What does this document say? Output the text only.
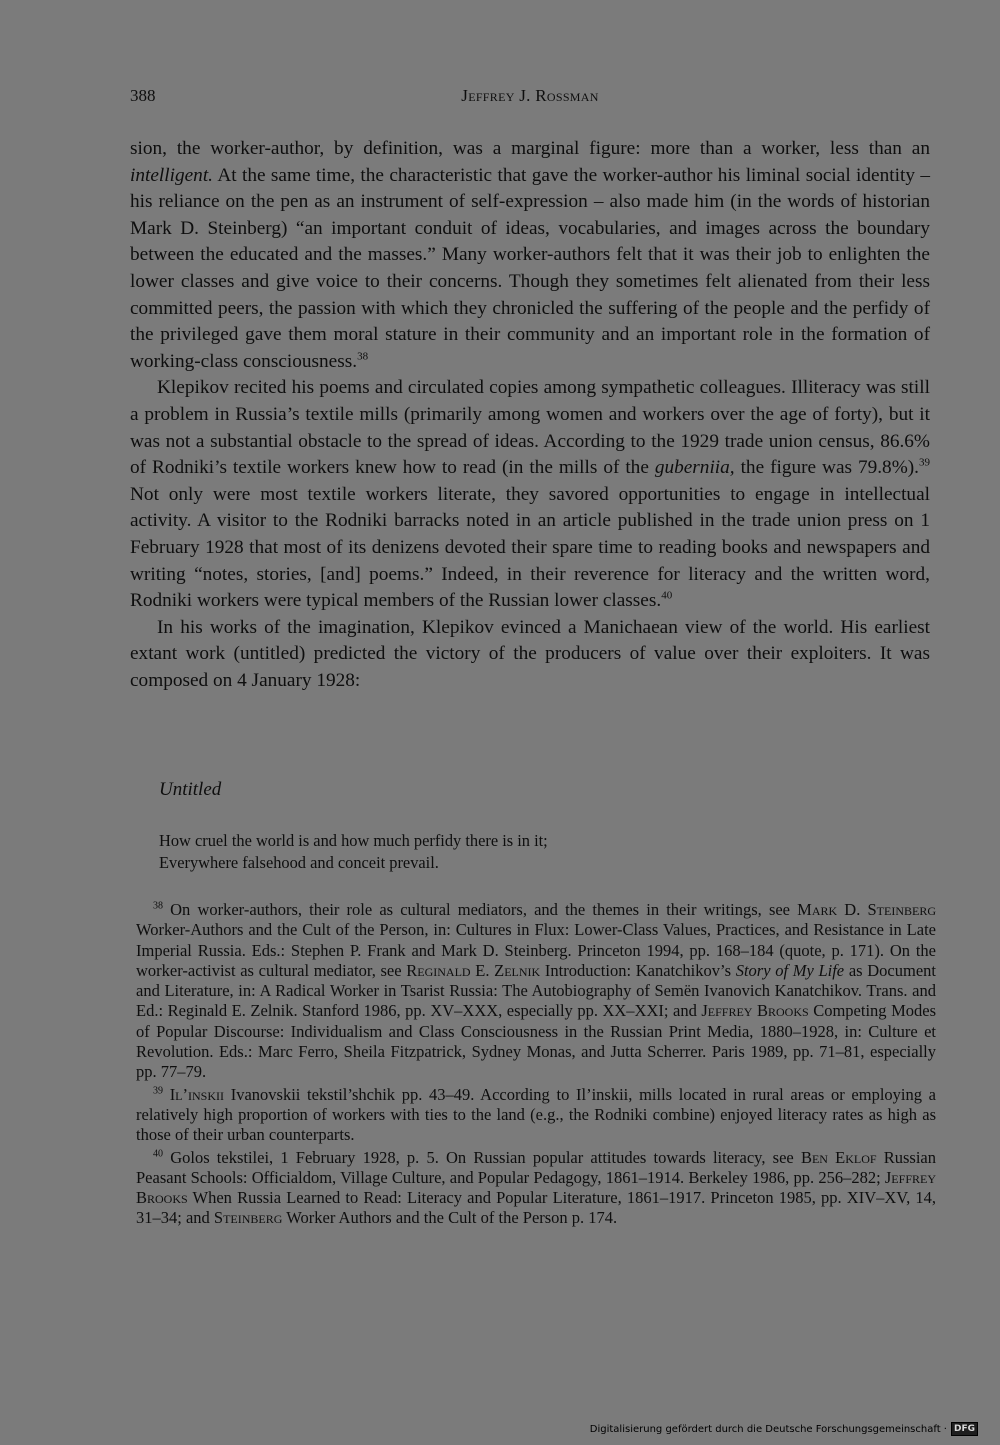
388	Jeffrey J. Rossman

sion, the worker-author, by definition, was a marginal figure: more than a worker, less than an intelligent. At the same time, the characteristic that gave the worker-author his liminal social identity – his reliance on the pen as an instrument of self-expression – also made him (in the words of historian Mark D. Steinberg) “an important conduit of ideas, vocabularies, and images across the boundary between the educated and the masses.” Many worker-authors felt that it was their job to enlighten the lower classes and give voice to their concerns. Though they sometimes felt alienated from their less committed peers, the passion with which they chronicled the suffering of the people and the perfidy of the privileged gave them moral stature in their community and an important role in the formation of working-class consciousness.$^{38}$

Klepikov recited his poems and circulated copies among sympathetic colleagues. Illiteracy was still a problem in Russia’s textile mills (primarily among women and workers over the age of forty), but it was not a substantial obstacle to the spread of ideas. According to the 1929 trade union census, 86.6% of Rodniki’s textile workers knew how to read (in the mills of the guberniia, the figure was 79.8%).$^{39}$ Not only were most textile workers literate, they savored opportunities to engage in intellectual activity. A visitor to the Rodniki barracks noted in an article published in the trade union press on 1 February 1928 that most of its denizens devoted their spare time to reading books and newspapers and writing “notes, stories, [and] poems.” Indeed, in their reverence for literacy and the written word, Rodniki workers were typical members of the Russian lower classes.$^{40}$

In his works of the imagination, Klepikov evinced a Manichaean view of the world. His earliest extant work (untitled) predicted the victory of the producers of value over their exploiters. It was composed on 4 January 1928:

Untitled
How cruel the world is and how much perfidy there is in it;
Everywhere falsehood and conceit prevail.

$^{38}$ On worker-authors, their role as cultural mediators, and the themes in their writings, see Mark D. Steinberg Worker-Authors and the Cult of the Person, in: Cultures in Flux: Lower-Class Values, Practices, and Resistance in Late Imperial Russia. Eds.: Stephen P. Frank and Mark D. Steinberg. Princeton 1994, pp. 168–184 (quote, p. 171). On the worker-activist as cultural mediator, see Reginald E. Zelnik Introduction: Kanatchikov’s Story of My Life as Document and Literature, in: A Radical Worker in Tsarist Russia: The Autobiography of Semën Ivanovich Kanatchikov. Trans. and Ed.: Reginald E. Zelnik. Stanford 1986, pp. XV–XXX, especially pp. XX–XXI; and Jeffrey Brooks Competing Modes of Popular Discourse: Individualism and Class Consciousness in the Russian Print Media, 1880–1928, in: Culture et Revolution. Eds.: Marc Ferro, Sheila Fitzpatrick, Sydney Monas, and Jutta Scherrer. Paris 1989, pp. 71–81, especially pp. 77–79.

$^{39}$ Il’inskii Ivanovskii tekstil’shchik pp. 43–49. According to Il’inskii, mills located in rural areas or employing a relatively high proportion of workers with ties to the land (e.g., the Rodniki combine) enjoyed literacy rates as high as those of their urban counterparts.

$^{40}$ Golos tekstilei, 1 February 1928, p. 5. On Russian popular attitudes towards literacy, see Ben Eklof Russian Peasant Schools: Officialdom, Village Culture, and Popular Pedagogy, 1861–1914. Berkeley 1986, pp. 256–282; Jeffrey Brooks When Russia Learned to Read: Literacy and Popular Literature, 1861–1917. Princeton 1985, pp. XIV–XV, 14, 31–34; and Steinberg Worker Authors and the Cult of the Person p. 174.

Digitalisierung gefördert durch die Deutsche Forschungsgemeinschaft · DFG
